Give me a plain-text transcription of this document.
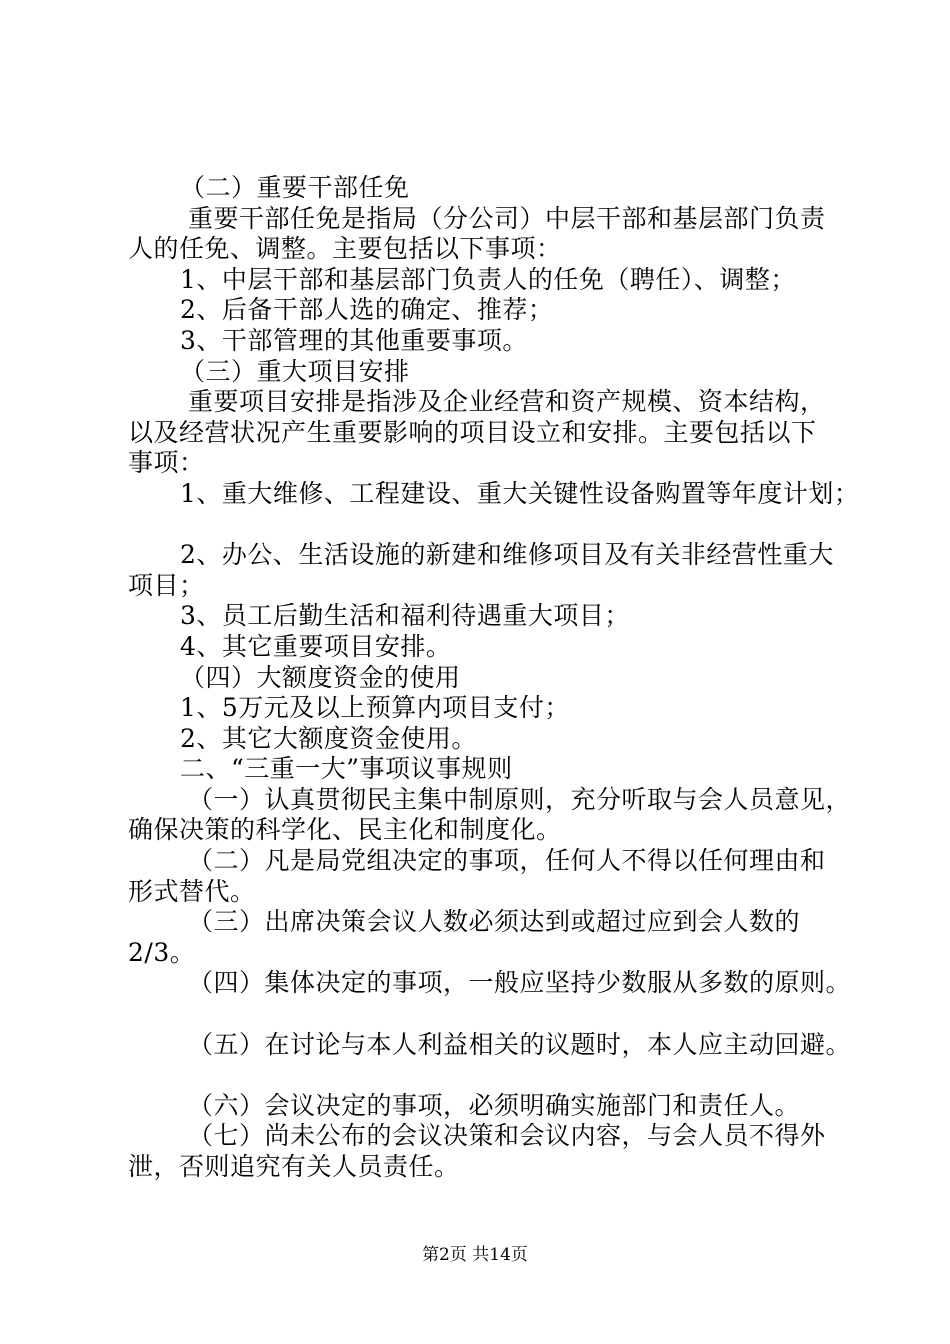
（二）重要干部任免
重要干部任免是指局（分公司）中层干部和基层部门负责
人的任免、调整。主要包括以下事项：
1、中层干部和基层部门负责人的任免（聘任）、调整；
2、后备干部人选的确定、推荐；
3、干部管理的其他重要事项。
（三）重大项目安排
重要项目安排是指涉及企业经营和资产规模、资本结构，
以及经营状况产生重要影响的项目设立和安排。主要包括以下
事项：
1、重大维修、工程建设、重大关键性设备购置等年度计划；
2、办公、生活设施的新建和维修项目及有关非经营性重大
项目；
3、员工后勤生活和福利待遇重大项目；
4、其它重要项目安排。
（四）大额度资金的使用
1、5万元及以上预算内项目支付；
2、其它大额度资金使用。
二、“三重一大”事项议事规则
（一）认真贯彻民主集中制原则，充分听取与会人员意见，
确保决策的科学化、民主化和制度化。
（二）凡是局党组决定的事项，任何人不得以任何理由和
形式替代。
（三）出席决策会议人数必须达到或超过应到会人数的
2/3。
（四）集体决定的事项，一般应坚持少数服从多数的原则。
（五）在讨论与本人利益相关的议题时，本人应主动回避。
（六）会议决定的事项，必须明确实施部门和责任人。
（七）尚未公布的会议决策和会议内容，与会人员不得外
泄，否则追究有关人员责任。
第2页 共14页
